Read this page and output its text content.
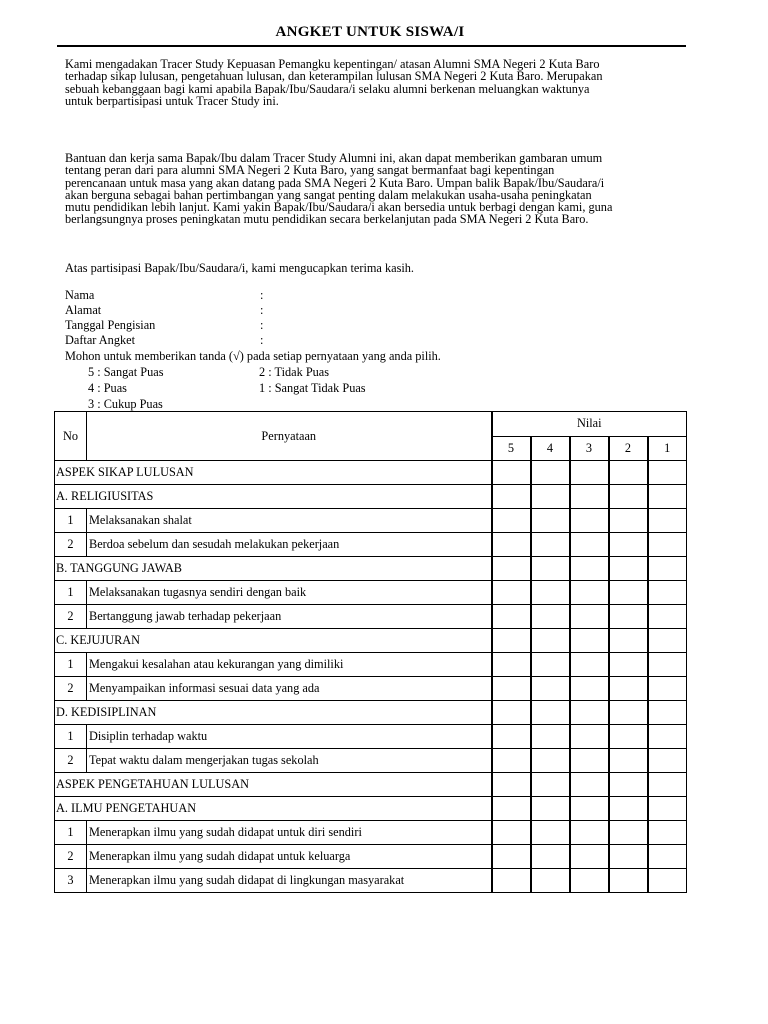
ANGKET UNTUK SISWA/I

Kami mengadakan Tracer Study Kepuasan Pemangku kepentingan/ atasan Alumni SMA Negeri 2 Kuta Baro
terhadap sikap lulusan, pengetahuan lulusan, dan keterampilan lulusan SMA Negeri 2 Kuta Baro. Merupakan
sebuah kebanggaan bagi kami apabila Bapak/Ibu/Saudara/i selaku alumni berkenan meluangkan waktunya
untuk berpartisipasi untuk Tracer Study ini.

Bantuan dan kerja sama Bapak/Ibu dalam Tracer Study Alumni ini, akan dapat memberikan gambaran umum
tentang peran dari para alumni SMA Negeri 2 Kuta Baro, yang sangat bermanfaat bagi kepentingan
perencanaan untuk masa yang akan datang pada SMA Negeri 2 Kuta Baro. Umpan balik Bapak/Ibu/Saudara/i
akan berguna sebagai bahan pertimbangan yang sangat penting dalam melakukan usaha-usaha peningkatan
mutu pendidikan lebih lanjut. Kami yakin Bapak/Ibu/Saudara/i akan bersedia untuk berbagi dengan kami, guna
berlangsungnya proses peningkatan mutu pendidikan secara berkelanjutan pada SMA Negeri 2 Kuta Baro.

Atas partisipasi Bapak/Ibu/Saudara/i, kami mengucapkan terima kasih.

Nama	:
Alamat	:
Tanggal Pengisian	:
Daftar Angket	:
Mohon untuk memberikan tanda (√) pada setiap pernyataan yang anda pilih.
5 : Sangat Puas	2 : Tidak Puas
4 : Puas	1 : Sangat Tidak Puas
3 : Cukup Puas
No	Pernyataan	Nilai				
		5	4	3	2	1
ASPEK SIKAP LULUSAN						
A. RELIGIUSITAS						
1	Melaksanakan shalat					
2	Berdoa sebelum dan sesudah melakukan pekerjaan					
B. TANGGUNG JAWAB						
1	Melaksanakan tugasnya sendiri dengan baik					
2	Bertanggung jawab terhadap pekerjaan					
C. KEJUJURAN						
1	Mengakui kesalahan atau kekurangan yang dimiliki					
2	Menyampaikan informasi sesuai data yang ada					
D. KEDISIPLINAN						
1	Disiplin terhadap waktu					
2	Tepat waktu dalam mengerjakan tugas sekolah					
ASPEK PENGETAHUAN LULUSAN						
A. ILMU PENGETAHUAN						
1	Menerapkan ilmu yang sudah didapat untuk diri sendiri					
2	Menerapkan ilmu yang sudah didapat untuk keluarga					
3	Menerapkan ilmu yang sudah didapat di lingkungan masyarakat					
